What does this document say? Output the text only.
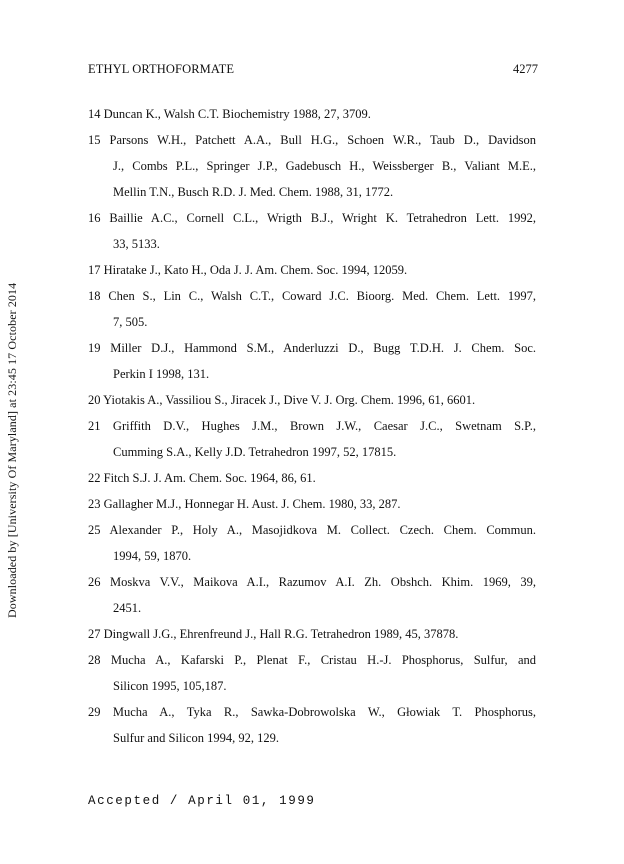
ETHYL ORTHOFORMATE	4277
Downloaded by [University Of Maryland] at 23:45 17 October 2014
14 Duncan K., Walsh C.T. Biochemistry 1988, 27, 3709.
15 Parsons W.H., Patchett A.A., Bull H.G., Schoen W.R., Taub D., Davidson
J., Combs P.L., Springer J.P., Gadebusch H., Weissberger B., Valiant M.E.,
Mellin T.N., Busch R.D. J. Med. Chem. 1988, 31, 1772.
16 Baillie A.C., Cornell C.L., Wrigth B.J., Wright K. Tetrahedron Lett. 1992,
33, 5133.
17 Hiratake J., Kato H., Oda J. J. Am. Chem. Soc. 1994, 12059.
18 Chen S., Lin C., Walsh C.T., Coward J.C. Bioorg. Med. Chem. Lett. 1997,
7, 505.
19 Miller D.J., Hammond S.M., Anderluzzi D., Bugg T.D.H. J. Chem. Soc.
Perkin I 1998, 131.
20 Yiotakis A., Vassiliou S., Jiracek J., Dive V. J. Org. Chem. 1996, 61, 6601.
21 Griffith D.V., Hughes J.M., Brown J.W., Caesar J.C., Swetnam S.P.,
Cumming S.A., Kelly J.D. Tetrahedron 1997, 52, 17815.
22 Fitch S.J. J. Am. Chem. Soc. 1964, 86, 61.
23 Gallagher M.J., Honnegar H. Aust. J. Chem. 1980, 33, 287.
25 Alexander P., Holy A., Masojidkova M. Collect. Czech. Chem. Commun.
1994, 59, 1870.
26 Moskva V.V., Maikova A.I., Razumov A.I. Zh. Obshch. Khim. 1969, 39,
2451.
27 Dingwall J.G., Ehrenfreund J., Hall R.G. Tetrahedron 1989, 45, 37878.
28 Mucha A., Kafarski P., Plenat F., Cristau H.-J. Phosphorus, Sulfur, and
Silicon 1995, 105,187.
29 Mucha A., Tyka R., Sawka-Dobrowolska W., Głowiak T. Phosphorus,
Sulfur and Silicon 1994, 92, 129.
Accepted / April 01, 1999
